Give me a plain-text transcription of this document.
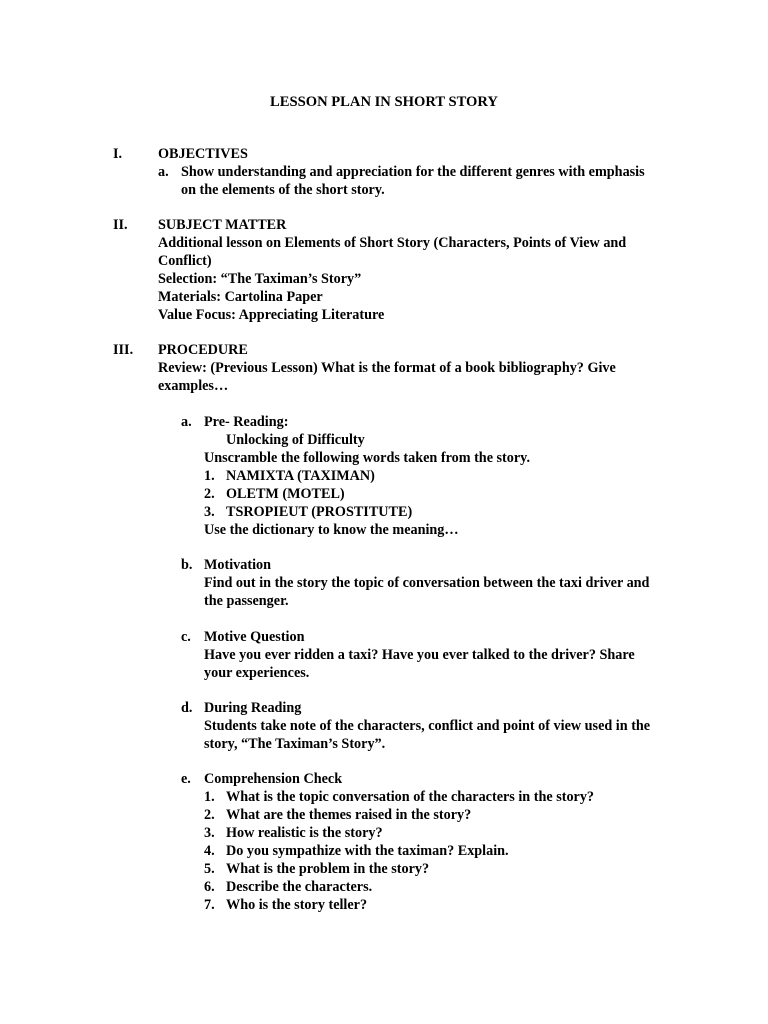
LESSON PLAN IN SHORT STORY
I.	OBJECTIVES
a. Show understanding and appreciation for the different genres with emphasis
on the elements of the short story.
II. SUBJECT MATTER
Additional lesson on Elements of Short Story (Characters, Points of View and
Conflict)
Selection: “The Taximan’s Story”
Materials: Cartolina Paper
Value Focus: Appreciating Literature
III. PROCEDURE
Review: (Previous Lesson) What is the format of a book bibliography? Give
examples…
a. Pre- Reading:
Unlocking of Difficulty
Unscramble the following words taken from the story.
1. NAMIXTA (TAXIMAN)
2. OLETM (MOTEL)
3. TSROPIEUT (PROSTITUTE)
Use the dictionary to know the meaning…
b. Motivation
Find out in the story the topic of conversation between the taxi driver and
the passenger.
c. Motive Question
Have you ever ridden a taxi? Have you ever talked to the driver? Share
your experiences.
d. During Reading
Students take note of the characters, conflict and point of view used in the
story, “The Taximan’s Story”.
e. Comprehension Check
1. What is the topic conversation of the characters in the story?
2. What are the themes raised in the story?
3. How realistic is the story?
4. Do you sympathize with the taximan? Explain.
5. What is the problem in the story?
6. Describe the characters.
7. Who is the story teller?
